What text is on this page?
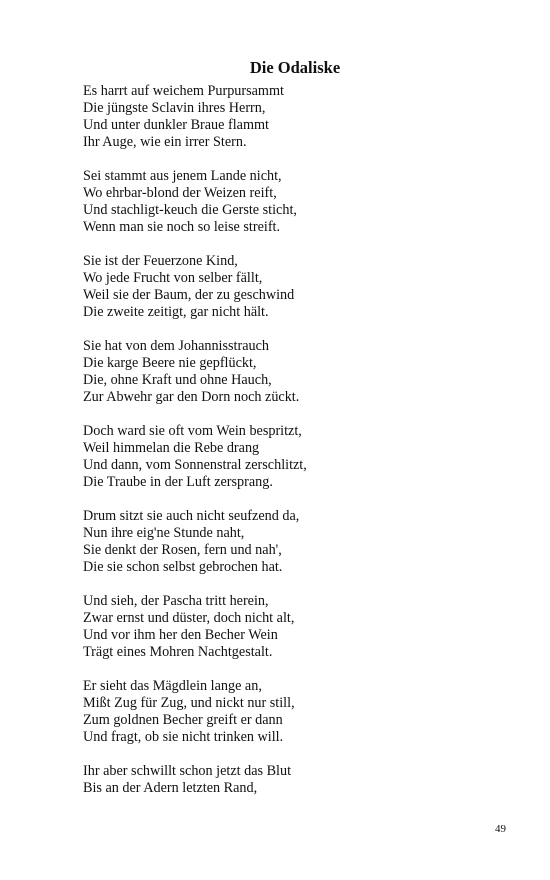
Die Odaliske
Es harrt auf weichem Purpursammt
Die jüngste Sclavin ihres Herrn,
Und unter dunkler Braue flammt
Ihr Auge, wie ein irrer Stern.
Sei stammt aus jenem Lande nicht,
Wo ehrbar-blond der Weizen reift,
Und stachligt-keuch die Gerste sticht,
Wenn man sie noch so leise streift.
Sie ist der Feuerzone Kind,
Wo jede Frucht von selber fällt,
Weil sie der Baum, der zu geschwind
Die zweite zeitigt, gar nicht hält.
Sie hat von dem Johannisstrauch
Die karge Beere nie gepflückt,
Die, ohne Kraft und ohne Hauch,
Zur Abwehr gar den Dorn noch zückt.
Doch ward sie oft vom Wein bespritzt,
Weil himmelan die Rebe drang
Und dann, vom Sonnenstral zerschlitzt,
Die Traube in der Luft zersprang.
Drum sitzt sie auch nicht seufzend da,
Nun ihre eig'ne Stunde naht,
Sie denkt der Rosen, fern und nah',
Die sie schon selbst gebrochen hat.
Und sieh, der Pascha tritt herein,
Zwar ernst und düster, doch nicht alt,
Und vor ihm her den Becher Wein
Trägt eines Mohren Nachtgestalt.
Er sieht das Mägdlein lange an,
Mißt Zug für Zug, und nickt nur still,
Zum goldnen Becher greift er dann
Und fragt, ob sie nicht trinken will.
Ihr aber schwillt schon jetzt das Blut
Bis an der Adern letzten Rand,
49
